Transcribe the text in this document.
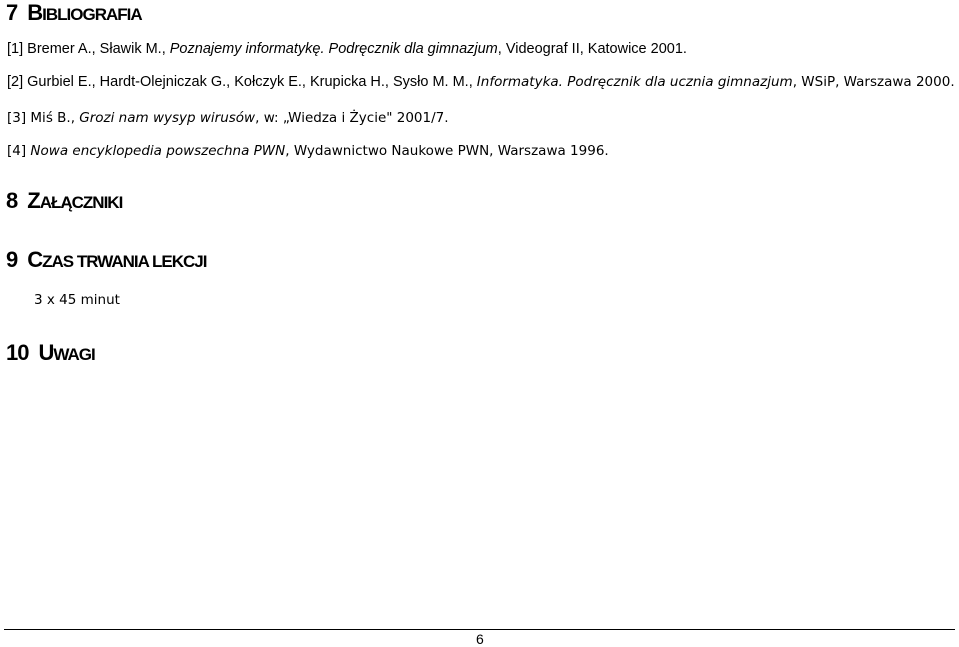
7 BIBLIOGRAFIA

[1] Bremer A., Sławik M., Poznajemy informatykę. Podręcznik dla gimnazjum, Videograf II, Katowice 2001.

[2] Gurbiel E., Hardt-Olejniczak G., Kołczyk E., Krupicka H., Sysło M. M., Informatyka. Podręcznik dla ucznia gimnazjum, WSiP, Warszawa 2000.

[3] Miś B., Grozi nam wysyp wirusów, w: „Wiedza i Życie" 2001/7.

[4] Nowa encyklopedia powszechna PWN, Wydawnictwo Naukowe PWN, Warszawa 1996.

8 ZAŁĄCZNIKI
9 CZAS TRWANIA LEKCJI

3 x 45 minut

10 UWAGI
6
